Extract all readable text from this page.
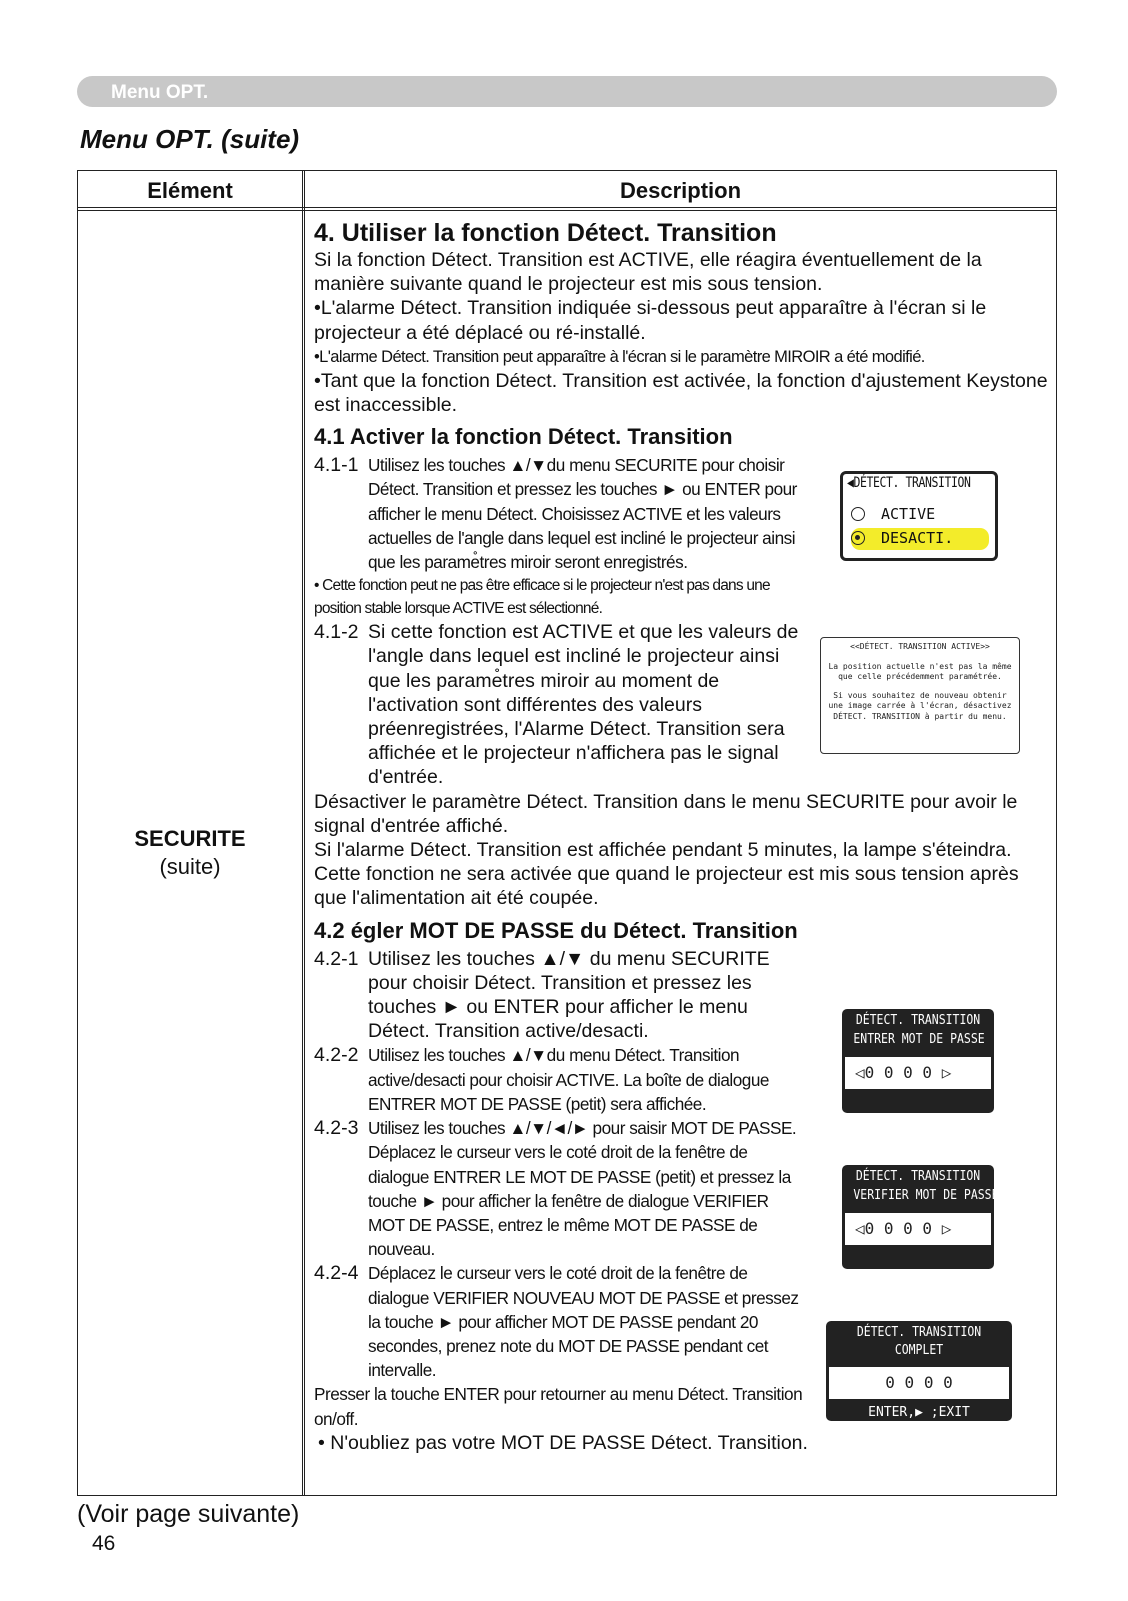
Menu OPT.
Menu OPT. (suite)
Elément	Description
SECURITE
(suite)
4. Utiliser la fonction Détect. Transition
Si la fonction Détect. Transition est ACTIVE, elle réagira éventuellement de la manière suivante quand le projecteur est mis sous tension.
•L'alarme Détect. Transition indiquée si-dessous peut apparaître à l'écran si le projecteur a été déplacé ou ré-installé.
•L'alarme Détect. Transition peut apparaître à l'écran si le paramètre MIROIR a été modifié.
•Tant que la fonction Détect. Transition est activée, la fonction d'ajustement Keystone est inaccessible.
4.1 Activer la fonction Détect. Transition
4.1-1 Utilisez les touches ▲/▼du menu SECURITE pour choisir Détect. Transition et pressez les touches ► ou ENTER pour afficher le menu Détect. Choisissez ACTIVE et les valeurs actuelles de l'angle dans lequel est incliné le projecteur ainsi que les parame̊tres miroir seront enregistrés.
• Cette fonction peut ne pas être efficace si le projecteur n'est pas dans une position stable lorsque ACTIVE est sélectionné.
4.1-2 Si cette fonction est ACTIVE et que les valeurs de l'angle dans lequel est incliné le projecteur ainsi que les parame̊tres miroir au moment de l'activation sont différentes des valeurs préenregistrées, l'Alarme Détect. Transition sera affichée et le projecteur n'affichera pas le signal d'entrée.
Désactiver le paramètre Détect. Transition dans le menu SECURITE pour avoir le signal d'entrée affiché.
Si l'alarme Détect. Transition est affichée pendant 5 minutes, la lampe s'éteindra.
Cette fonction ne sera activée que quand le projecteur est mis sous tension après que l'alimentation ait été coupée.
4.2 égler MOT DE PASSE du Détect. Transition
4.2-1 Utilisez les touches ▲/▼ du menu SECURITE pour choisir Détect. Transition et pressez les touches ► ou ENTER pour afficher le menu Détect. Transition active/desacti.
4.2-2 Utilisez les touches ▲/▼du menu Détect. Transition active/desacti pour choisir ACTIVE. La boîte de dialogue ENTRER MOT DE PASSE (petit) sera affichée.
4.2-3 Utilisez les touches ▲/▼/◄/► pour saisir MOT DE PASSE. Déplacez le curseur vers le coté droit de la fenêtre de dialogue ENTRER LE MOT DE PASSE (petit) et pressez la touche ► pour afficher la fenêtre de dialogue VERIFIER MOT DE PASSE, entrez le même MOT DE PASSE de nouveau.
4.2-4 Déplacez le curseur vers le coté droit de la fenêtre de dialogue VERIFIER NOUVEAU MOT DE PASSE et pressez la touche ► pour afficher MOT DE PASSE pendant 20 secondes, prenez note du MOT DE PASSE pendant cet intervalle.
Presser la touche ENTER pour retourner au menu Détect. Transition on/off.
• N'oubliez pas votre MOT DE PASSE Détect. Transition.
◀DÉTECT. TRANSITION
ACTIVE
DESACTI.
<<DÉTECT. TRANSITION ACTIVE>>
La position actuelle n'est pas la même
que celle précédemment paramétrée.
Si vous souhaitez de nouveau obtenir
une image carrée à l'écran, désactivez
DÉTECT. TRANSITION à partir du menu.
DÉTECT. TRANSITION
ENTRER MOT DE PASSE
◁0 0 0 0 ▷
◀QUITTE SUIVANT▶
DÉTECT. TRANSITION
VERIFIER MOT DE PASSE
◁0 0 0 0 ▷
◀QUITTE SUIVANT▶
DÉTECT. TRANSITION
COMPLET
0 0 0 0
ENTER,▶ ;EXIT
(Voir page suivante)
46
